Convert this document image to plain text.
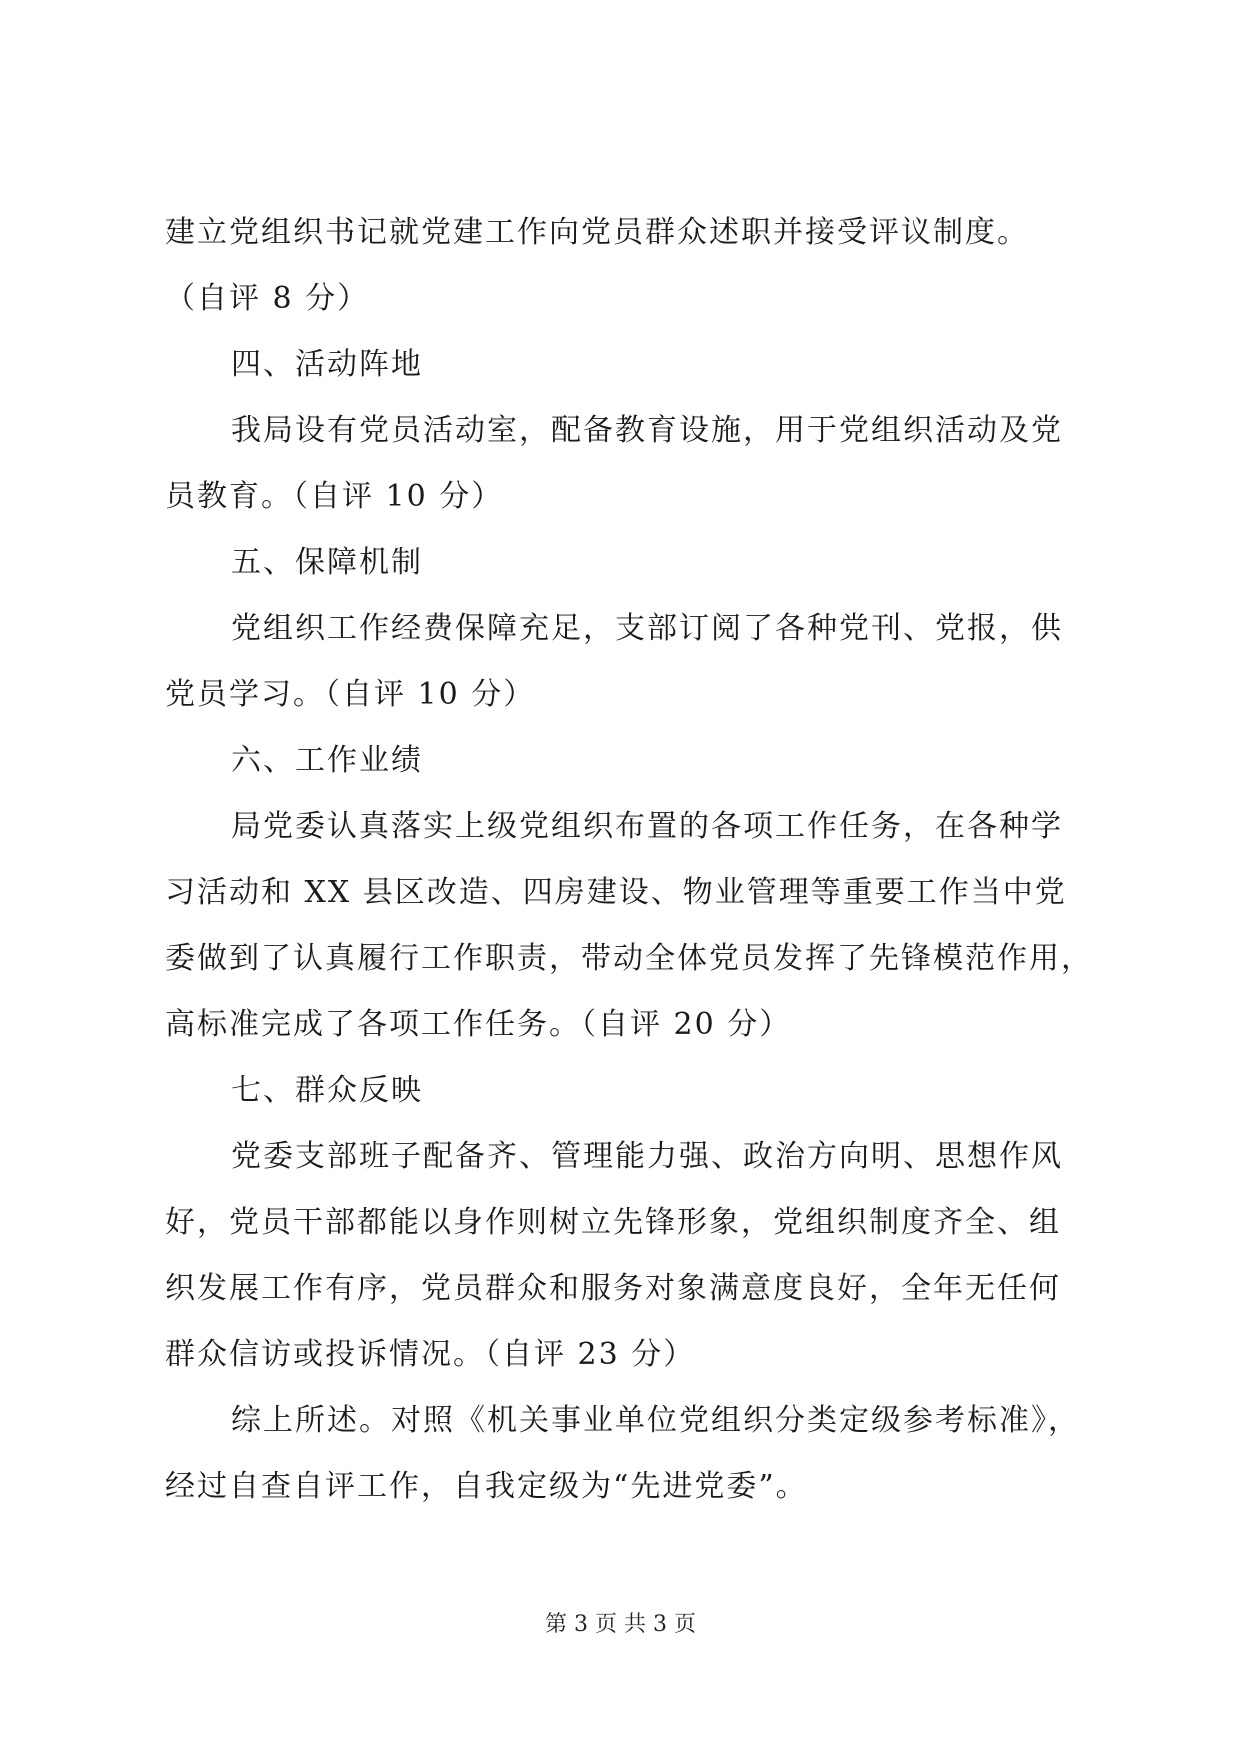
建立党组织书记就党建工作向党员群众述职并接受评议制度。
（自评 8 分）
四、活动阵地
我局设有党员活动室，配备教育设施，用于党组织活动及党
员教育。（自评 10 分）
五、保障机制
党组织工作经费保障充足，支部订阅了各种党刊、党报，供
党员学习。（自评 10 分）
六、工作业绩
局党委认真落实上级党组织布置的各项工作任务，在各种学
习活动和 XX 县区改造、四房建设、物业管理等重要工作当中党
委做到了认真履行工作职责，带动全体党员发挥了先锋模范作用，
高标准完成了各项工作任务。（自评 20 分）
七、群众反映
党委支部班子配备齐、管理能力强、政治方向明、思想作风
好，党员干部都能以身作则树立先锋形象，党组织制度齐全、组
织发展工作有序，党员群众和服务对象满意度良好，全年无任何
群众信访或投诉情况。（自评 23 分）
综上所述。对照《机关事业单位党组织分类定级参考标准》，
经过自查自评工作，自我定级为“先进党委”。
第 3 页 共 3 页
